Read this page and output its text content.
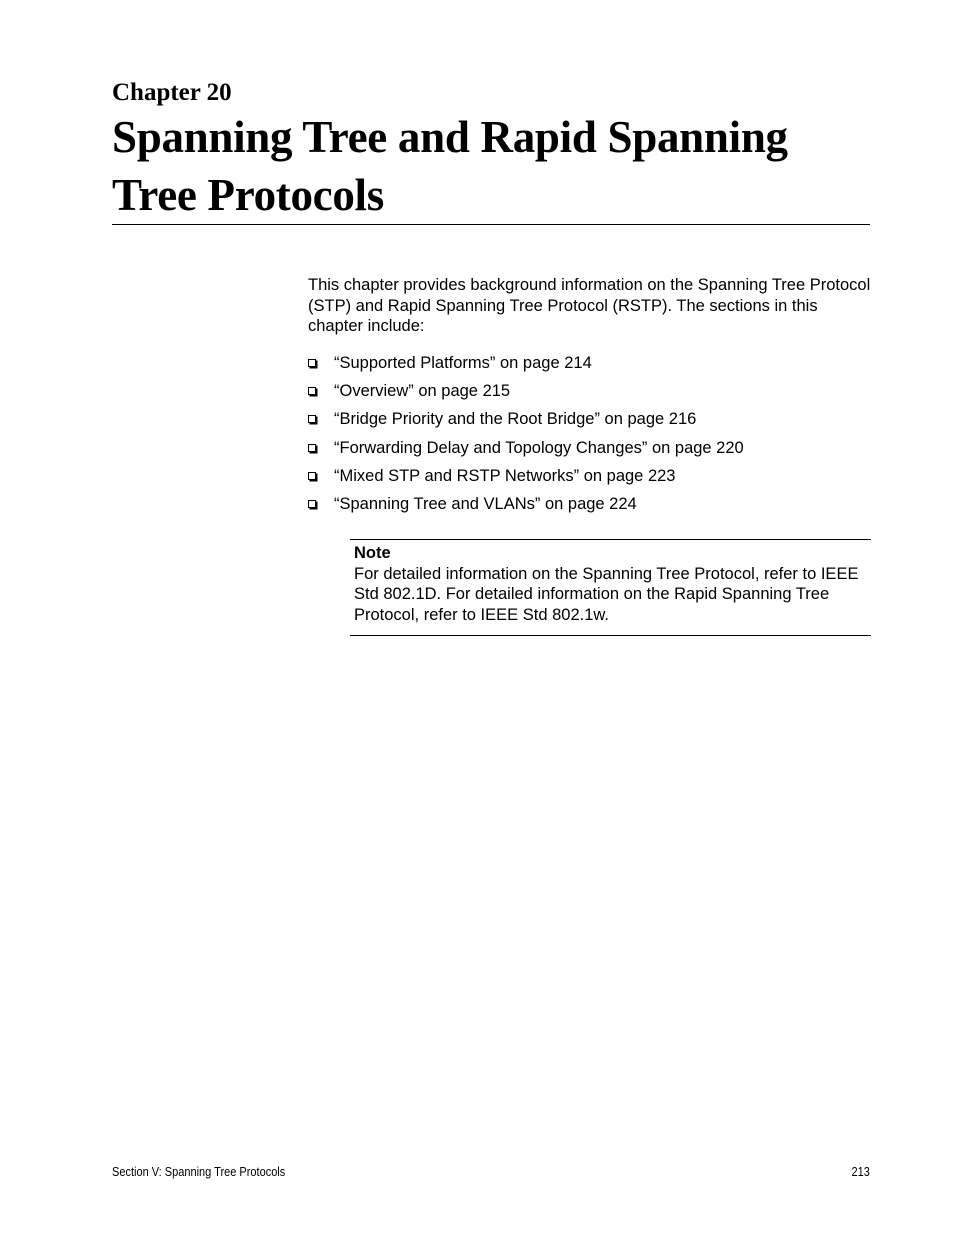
Chapter 20
Spanning Tree and Rapid Spanning Tree Protocols

This chapter provides background information on the Spanning Tree Protocol (STP) and Rapid Spanning Tree Protocol (RSTP). The sections in this chapter include:

“Supported Platforms” on page 214
“Overview” on page 215
“Bridge Priority and the Root Bridge” on page 216
“Forwarding Delay and Topology Changes” on page 220
“Mixed STP and RSTP Networks” on page 223
“Spanning Tree and VLANs” on page 224

Note

For detailed information on the Spanning Tree Protocol, refer to IEEE Std 802.1D. For detailed information on the Rapid Spanning Tree Protocol, refer to IEEE Std 802.1w.

Section V: Spanning Tree Protocols	213
